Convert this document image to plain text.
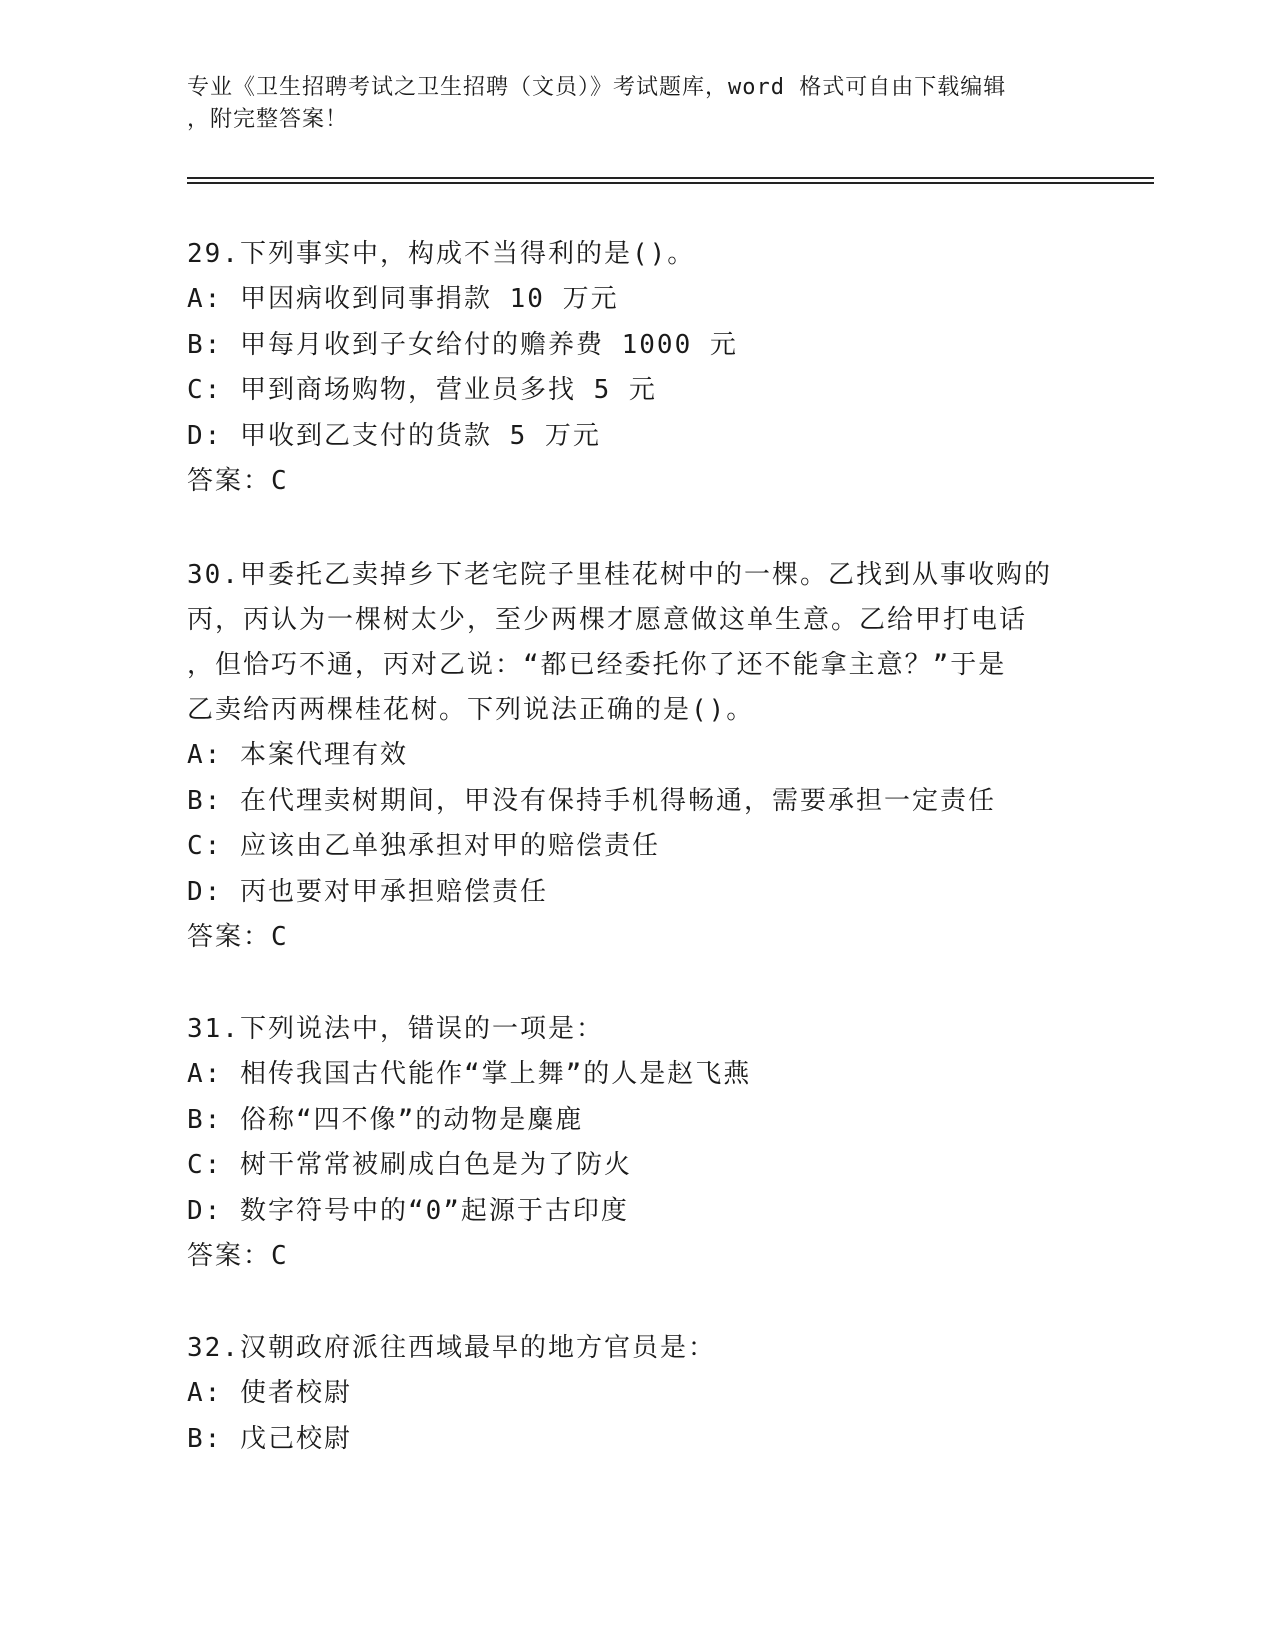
专业《卫生招聘考试之卫生招聘（文员）》考试题库，word 格式可自由下载编辑
，附完整答案！
29.下列事实中，构成不当得利的是()。
A: 甲因病收到同事捐款 10 万元
B: 甲每月收到子女给付的赡养费 1000 元
C: 甲到商场购物，营业员多找 5 元
D: 甲收到乙支付的货款 5 万元
答案：C
30.甲委托乙卖掉乡下老宅院子里桂花树中的一棵。乙找到从事收购的
丙，丙认为一棵树太少，至少两棵才愿意做这单生意。乙给甲打电话
，但恰巧不通，丙对乙说：“都已经委托你了还不能拿主意？”于是
乙卖给丙两棵桂花树。下列说法正确的是()。
A: 本案代理有效
B: 在代理卖树期间，甲没有保持手机得畅通，需要承担一定责任
C: 应该由乙单独承担对甲的赔偿责任
D: 丙也要对甲承担赔偿责任
答案：C
31.下列说法中，错误的一项是：
A: 相传我国古代能作“掌上舞”的人是赵飞燕
B: 俗称“四不像”的动物是麋鹿
C: 树干常常被刷成白色是为了防火
D: 数字符号中的“0”起源于古印度
答案：C
32.汉朝政府派往西域最早的地方官员是：
A: 使者校尉
B: 戊己校尉
